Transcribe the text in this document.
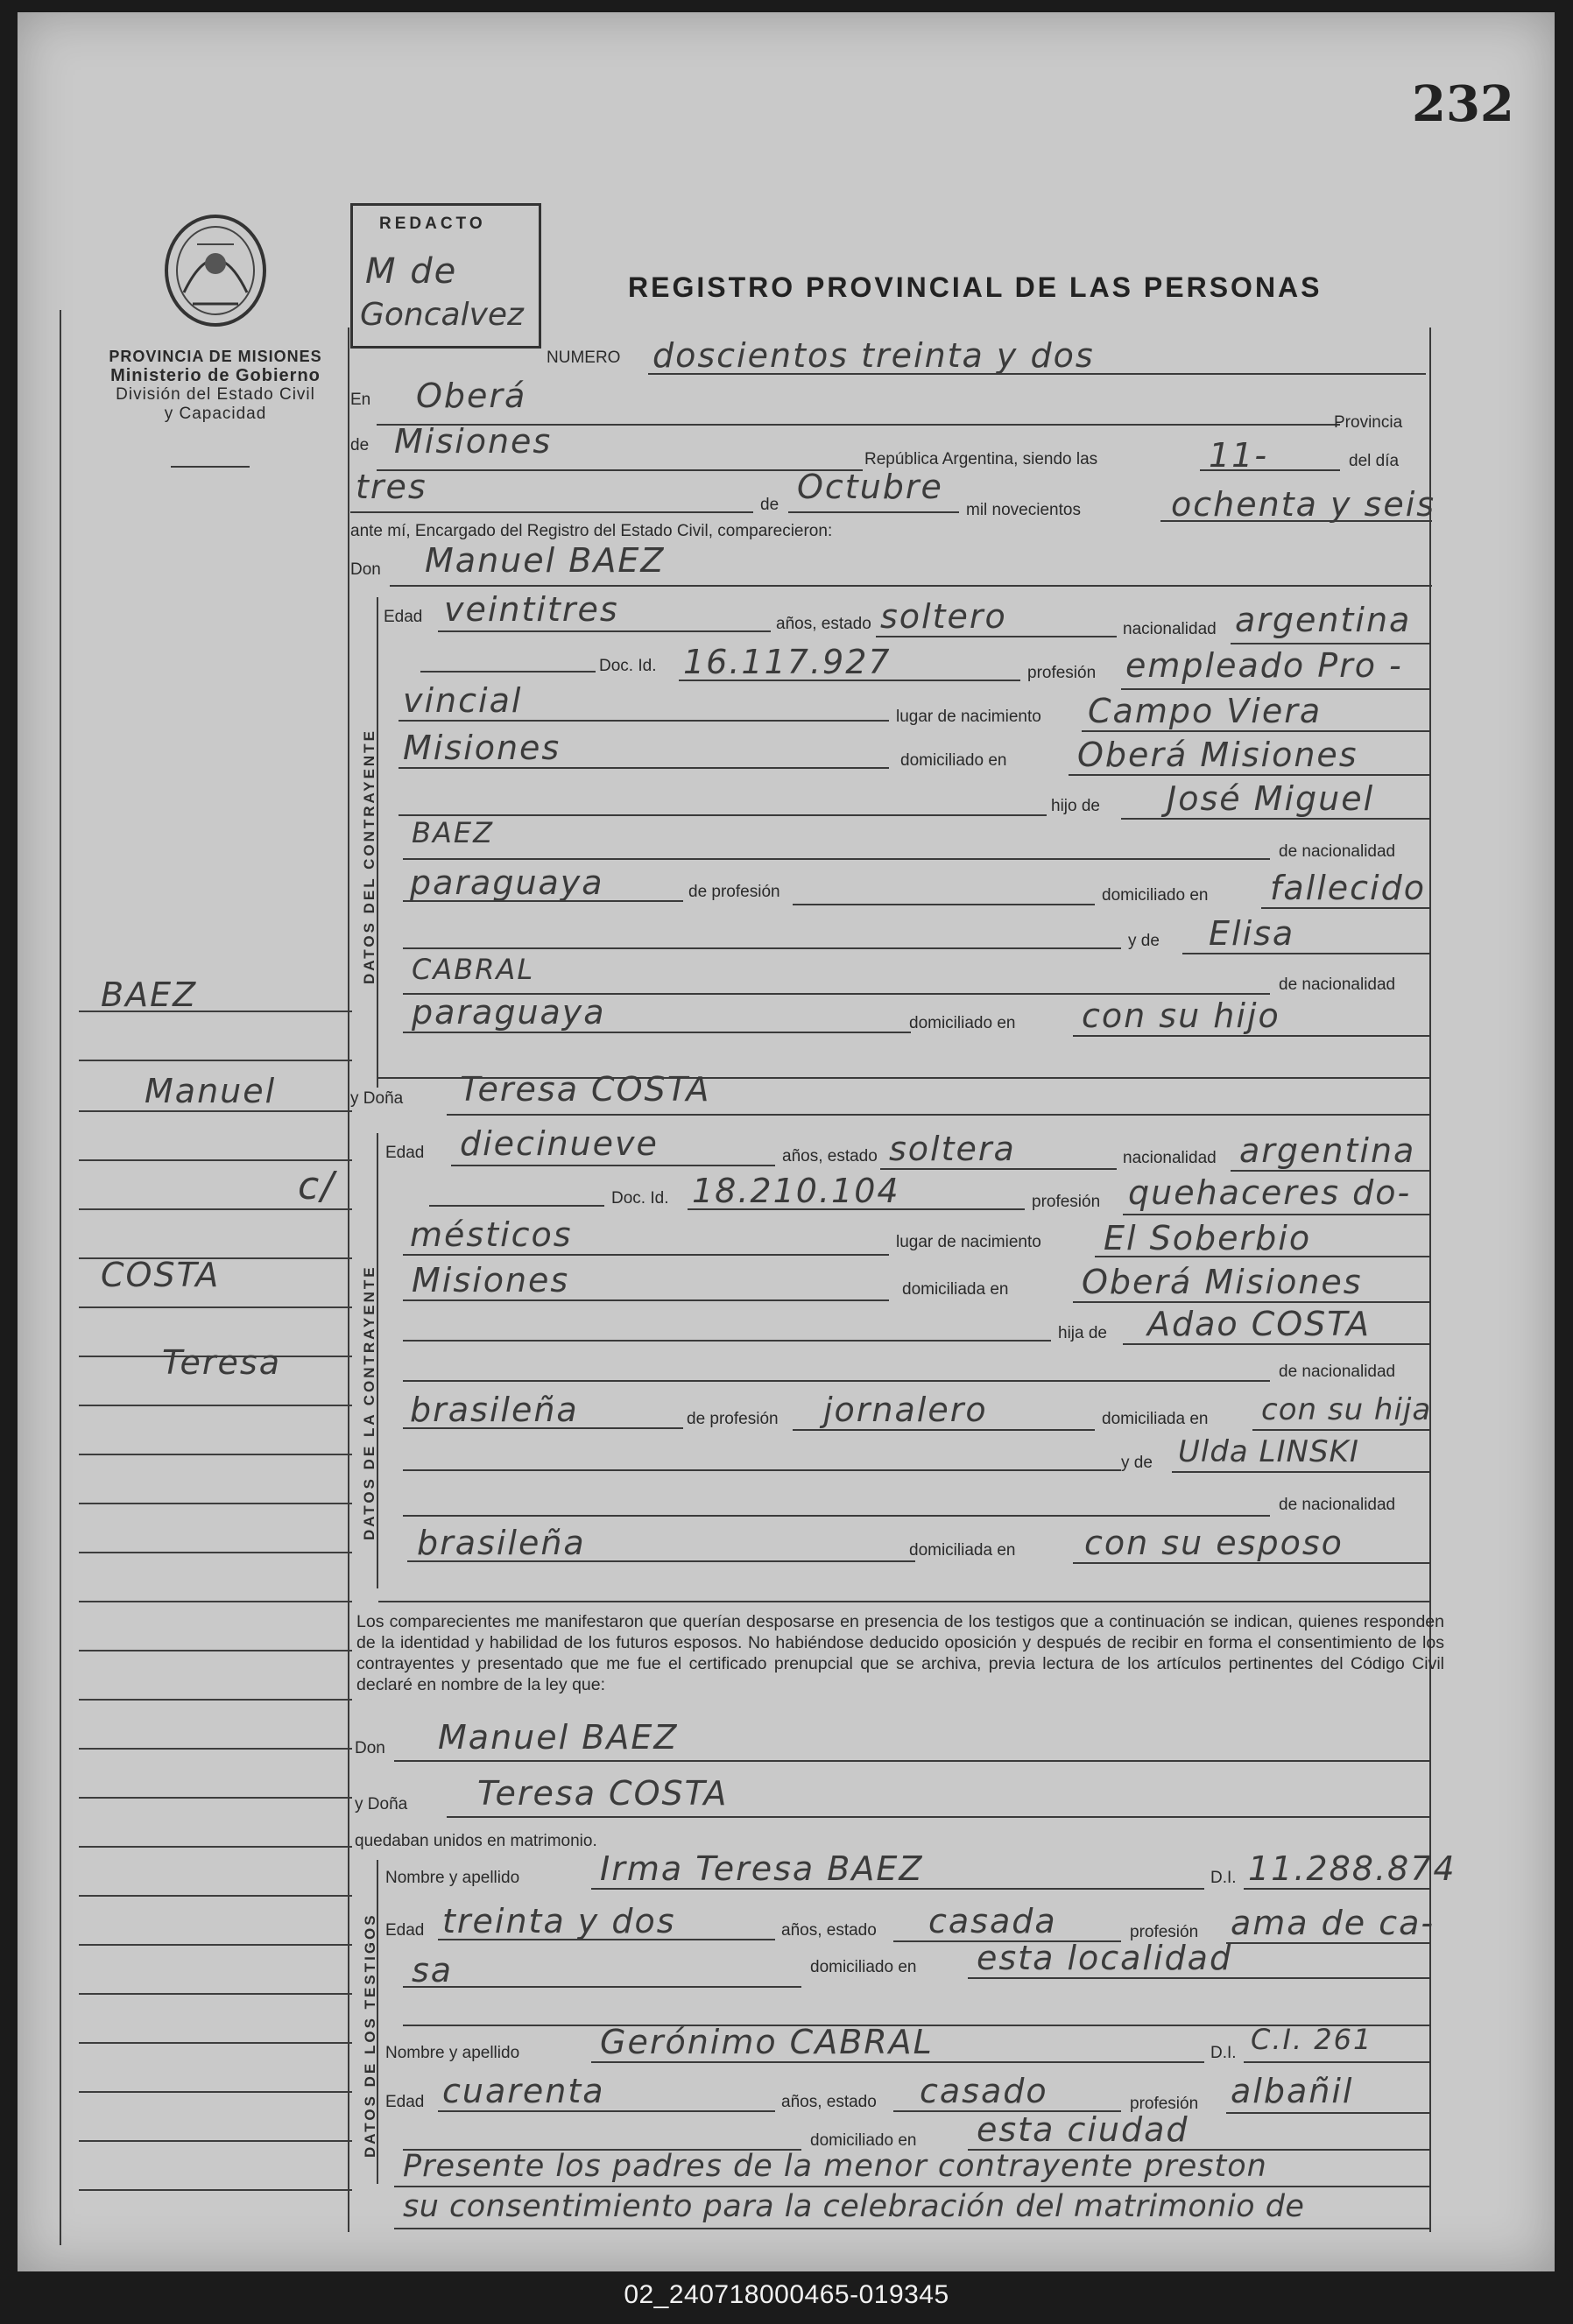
232
PROVINCIA DE MISIONES
Ministerio de Gobierno
División del Estado Civil
y Capacidad
REDACTO
M de
Goncalvez
REGISTRO PROVINCIAL DE LAS PERSONAS
BAEZ
Manuel
c/
COSTA
Teresa
NUMERO doscientos treinta y dos
En Oberá
Provincia
de Misiones	República Argentina, siendo las	11-	del día
tres	de Octubre
mil novecientos	ochenta y seis
ante mí, Encargado del Registro del Estado Civil, comparecieron:
Don Manuel BAEZ
DATOS DEL CONTRAYENTE
Edad veintitres	años, estado soltero	nacionalidad argentina
Doc. Id. 16.117.927	profesión empleado Pro -
vincial	lugar de nacimiento Campo Viera
Misiones	domiciliado en Oberá Misiones
hijo de José Miguel
BAEZ
de nacionalidad
paraguaya	de profesión	domiciliado en fallecido
y de Elisa
CABRAL	de nacionalidad
paraguaya	domiciliado en con su hijo
y Doña Teresa COSTA
DATOS DE LA CONTRAYENTE
Edad diecinueve	años, estado soltera	nacionalidad argentina
Doc. Id. 18.210.104	profesión quehaceres do-
mésticos	lugar de nacimiento El Soberbio
Misiones	domiciliada en Oberá Misiones
hija de Adao COSTA
de nacionalidad
brasileña	de profesión jornalero	domiciliada en con su hija
y de Ulda LINSKI
de nacionalidad
brasileña	domiciliada en con su esposo
Los comparecientes me manifestaron que querían desposarse en presencia de los testigos que a continuación se indican, quienes responden de la identidad y habilidad de los futuros esposos. No habiéndose deducido oposición y después de recibir en forma el consentimiento de los contrayentes y presentado que me fue el certificado prenupcial que se archiva, previa lectura de los artículos pertinentes del Código Civil declaré en nombre de la ley que:
Don Manuel BAEZ
y Doña Teresa COSTA
quedaban unidos en matrimonio.
DATOS DE LOS TESTIGOS
Nombre y apellido Irma Teresa BAEZ	D.I. 11.288.874
Edad treinta y dos	años, estado casada	profesión ama de ca-
sa	domiciliado en esta localidad
Nombre y apellido Gerónimo CABRAL	D.I. C.I. 261
Edad cuarenta	años, estado casado	profesión albañil
domiciliado en esta ciudad
Presente los padres de la menor contrayente preston
su consentimiento para la celebración del matrimonio de
02_240718000465-019345
